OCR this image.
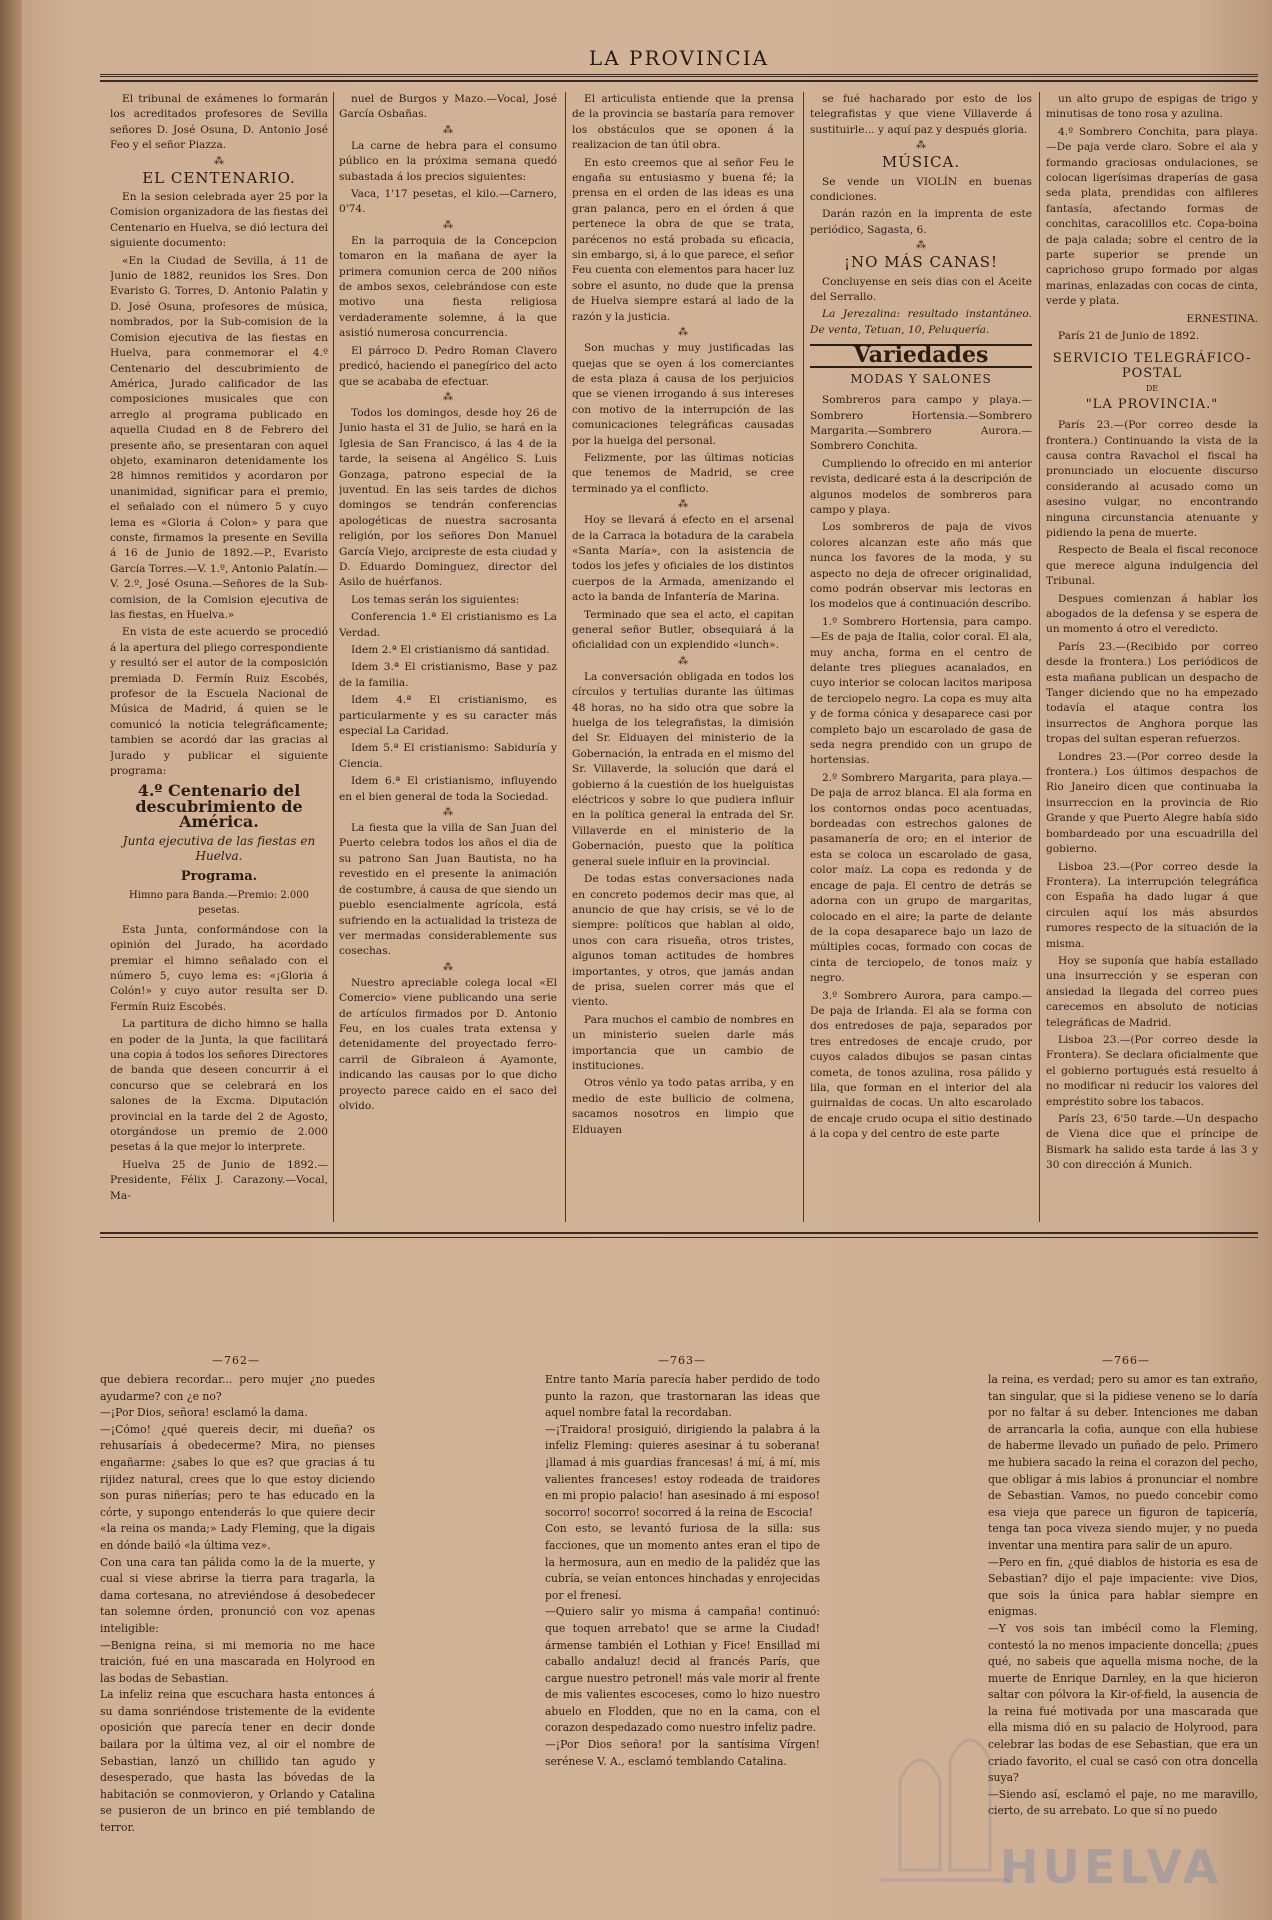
LA PROVINCIA

El tribunal de exámenes lo formarán los acreditados profesores de Sevilla señores D. José Osuna, D. Antonio José Feo y el señor Piazza.

⁂

EL CENTENARIO.

En la sesion celebrada ayer 25 por la Comision organizadora de las fiestas del Centenario en Huelva, se dió lectura del siguiente documento:

«En la Ciudad de Sevilla, á 11 de Junio de 1882, reunidos los Sres. Don Evaristo G. Torres, D. Antonio Palatin y D. José Osuna, profesores de música, nombrados, por la Sub-comision de la Comision ejecutiva de las fiestas en Huelva, para conmemorar el 4.º Centenario del descubrimiento de América, Jurado calificador de las composiciones musicales que con arreglo al programa publicado en aquella Ciudad en 8 de Febrero del presente año, se presentaran con aquel objeto, examinaron detenidamente los 28 himnos remitidos y acordaron por unanimidad, significar para el premio, el señalado con el número 5 y cuyo lema es «Gloria á Colon» y para que conste, firmamos la presente en Sevilla á 16 de Junio de 1892.—P., Evaristo García Torres.—V. 1.º, Antonio Palatín.—V. 2.º, José Osuna.—Señores de la Sub-comision, de la Comision ejecutiva de las fiestas, en Huelva.»

En vista de este acuerdo se procedió á la apertura del pliego correspondiente y resultó ser el autor de la composición premiada D. Fermín Ruiz Escobés, profesor de la Escuela Nacional de Música de Madrid, á quien se le comunicó la noticia telegráficamente; tambien se acordó dar las gracias al Jurado y publicar el siguiente programa:

4.º Centenario del descubrimiento de América.

Junta ejecutiva de las fiestas en Huelva.

Programa.

Himno para Banda.—Premio: 2.000 pesetas.

Esta Junta, conformándose con la opinión del Jurado, ha acordado premiar el himno señalado con el número 5, cuyo lema es: «¡Gloria á Colón!» y cuyo autor resulta ser D. Fermín Ruiz Escobés.

La partitura de dicho himno se halla en poder de la Junta, la que facilitará una copia á todos los señores Directores de banda que deseen concurrir á el concurso que se celebrará en los salones de la Excma. Diputación provincial en la tarde del 2 de Agosto, otorgándose un premio de 2.000 pesetas á la que mejor lo interprete.

Huelva 25 de Junio de 1892.—Presidente, Félix J. Carazony.—Vocal, Ma-

nuel de Burgos y Mazo.—Vocal, José García Osbañas.

⁂

La carne de hebra para el consumo público en la próxima semana quedó subastada á los precios siguientes:

Vaca, 1'17 pesetas, el kilo.—Carnero, 0'74.

⁂

En la parroquia de la Concepcion tomaron en la mañana de ayer la primera comunion cerca de 200 niños de ambos sexos, celebrándose con este motivo una fiesta religiosa verdaderamente solemne, á la que asistió numerosa concurrencia.

El párroco D. Pedro Roman Clavero predicó, haciendo el panegírico del acto que se acababa de efectuar.

⁂

Todos los domingos, desde hoy 26 de Junio hasta el 31 de Julio, se hará en la Iglesia de San Francisco, á las 4 de la tarde, la seisena al Angélico S. Luis Gonzaga, patrono especial de la juventud. En las seis tardes de dichos domingos se tendrán conferencias apologéticas de nuestra sacrosanta religión, por los señores Don Manuel García Viejo, arcipreste de esta ciudad y D. Eduardo Dominguez, director del Asilo de huérfanos.

Los temas serán los siguientes:

Conferencia 1.ª El cristianismo es La Verdad.

Idem 2.ª El cristianismo dá santidad.

Idem 3.ª El cristianismo, Base y paz de la familia.

Idem 4.ª El cristianismo, es particularmente y es su caracter más especial La Caridad.

Idem 5.ª El cristianismo: Sabiduría y Ciencia.

Idem 6.ª El cristianismo, influyendo en el bien general de toda la Sociedad.

⁂

La fiesta que la villa de San Juan del Puerto celebra todos los años el dia de su patrono San Juan Bautista, no ha revestido en el presente la animación de costumbre, á causa de que siendo un pueblo esencialmente agrícola, está sufriendo en la actualidad la tristeza de ver mermadas considerablemente sus cosechas.

⁂

Nuestro apreciable colega local «El Comercio» viene publicando una serie de artículos firmados por D. Antonio Feu, en los cuales trata extensa y detenidamente del proyectado ferro-carril de Gibraleon á Ayamonte, indicando las causas por lo que dicho proyecto parece caido en el saco del olvido.

El articulista entiende que la prensa de la provincia se bastaría para remover los obstáculos que se oponen á la realizacion de tan útil obra.

En esto creemos que al señor Feu le engaña su entusiasmo y buena fé; la prensa en el orden de las ideas es una gran palanca, pero en el órden á que pertenece la obra de que se trata, parécenos no está probada su eficacia, sin embargo, si, á lo que parece, el señor Feu cuenta con elementos para hacer luz sobre el asunto, no dude que la prensa de Huelva siempre estará al lado de la razón y la justicia.

⁂

Son muchas y muy justificadas las quejas que se oyen á los comerciantes de esta plaza á causa de los perjuicios que se vienen irrogando á sus intereses con motivo de la interrupción de las comunicaciones telegráficas causadas por la huelga del personal.

Felizmente, por las últimas noticias que tenemos de Madrid, se cree terminado ya el conflicto.

⁂

Hoy se llevará á efecto en el arsenal de la Carraca la botadura de la carabela «Santa María», con la asistencia de todos los jefes y oficiales de los distintos cuerpos de la Armada, amenizando el acto la banda de Infantería de Marina.

Terminado que sea el acto, el capitan general señor Butler, obsequiará á la oficialidad con un explendido «lunch».

⁂

La conversación obligada en todos los círculos y tertulias durante las últimas 48 horas, no ha sido otra que sobre la huelga de los telegrafistas, la dimisión del Sr. Elduayen del ministerio de la Gobernación, la entrada en el mismo del Sr. Villaverde, la solución que dará el gobierno á la cuestión de los huelguistas eléctricos y sobre lo que pudiera influir en la política general la entrada del Sr. Villaverde en el ministerio de la Gobernación, puesto que la política general suele influir en la provincial.

De todas estas conversaciones nada en concreto podemos decir mas que, al anuncio de que hay crisis, se vé lo de siempre: políticos que hablan al oido, unos con cara risueña, otros tristes, algunos toman actitudes de hombres importantes, y otros, que jamás andan de prisa, suelen correr más que el viento.

Para muchos el cambio de nombres en un ministerio suelen darle más importancia que un cambio de instituciones.

Otros vénlo ya todo patas arriba, y en medio de este bullicio de colmena, sacamos nosotros en limpio que Elduayen

se fué hacharado por esto de los telegrafistas y que viene Villaverde á sustituirle... y aquí paz y después gloria.

⁂

MÚSICA.

Se vende un VIOLÍN en buenas condiciones.

Darán razón en la imprenta de este periódico, Sagasta, 6.

⁂

¡NO MÁS CANAS!

Concluyense en seis dias con el Aceite del Serrallo.

La Jerezalina: resultado instantáneo. De venta, Tetuan, 10, Peluquería.

Variedades
MODAS Y SALONES

Sombreros para campo y playa.—Sombrero Hortensia.—Sombrero Margarita.—Sombrero Aurora.—Sombrero Conchita.

Cumpliendo lo ofrecido en mi anterior revista, dedicaré esta á la descripción de algunos modelos de sombreros para campo y playa.

Los sombreros de paja de vivos colores alcanzan este año más que nunca los favores de la moda, y su aspecto no deja de ofrecer originalidad, como podrán observar mis lectoras en los modelos que á continuación describo.

1.º Sombrero Hortensia, para campo.—Es de paja de Italia, color coral. El ala, muy ancha, forma en el centro de delante tres pliegues acanalados, en cuyo interior se colocan lacitos mariposa de terciopelo negro. La copa es muy alta y de forma cónica y desaparece casi por completo bajo un escarolado de gasa de seda negra prendido con un grupo de hortensias.

2.º Sombrero Margarita, para playa.—De paja de arroz blanca. El ala forma en los contornos ondas poco acentuadas, bordeadas con estrechos galones de pasamanería de oro; en el interior de esta se coloca un escarolado de gasa, color maíz. La copa es redonda y de encage de paja. El centro de detrás se adorna con un grupo de margaritas, colocado en el aire; la parte de delante de la copa desaparece bajo un lazo de múltiples cocas, formado con cocas de cinta de terciopelo, de tonos maíz y negro.

3.º Sombrero Aurora, para campo.—De paja de Irlanda. El ala se forma con dos entredoses de paja, separados por tres entredoses de encaje crudo, por cuyos calados dibujos se pasan cintas cometa, de tonos azulina, rosa pálido y lila, que forman en el interior del ala guirnaldas de cocas. Un alto escarolado de encaje crudo ocupa el sitio destinado á la copa y del centro de este parte

un alto grupo de espigas de trigo y minutisas de tono rosa y azulina.

4.º Sombrero Conchita, para playa.—De paja verde claro. Sobre el ala y formando graciosas ondulaciones, se colocan ligerísimas draperías de gasa seda plata, prendidas con alfileres fantasía, afectando formas de conchitas, caracolillos etc. Copa-boina de paja calada; sobre el centro de la parte superior se prende un caprichoso grupo formado por algas marinas, enlazadas con cocas de cinta, verde y plata.

ERNESTINA.

París 21 de Junio de 1892.

SERVICIO TELEGRÁFICO-POSTAL
DE
"LA PROVINCIA."

París 23.—(Por correo desde la frontera.) Continuando la vista de la causa contra Ravachol el fiscal ha pronunciado un elocuente discurso considerando al acusado como un asesino vulgar, no encontrando ninguna circunstancia atenuante y pidiendo la pena de muerte.

Respecto de Beala el fiscal reconoce que merece alguna indulgencia del Tribunal.

Despues comienzan á hablar los abogados de la defensa y se espera de un momento á otro el veredicto.

París 23.—(Recibido por correo desde la frontera.) Los periódicos de esta mañana publican un despacho de Tanger diciendo que no ha empezado todavía el ataque contra los insurrectos de Anghora porque las tropas del sultan esperan refuerzos.

Londres 23.—(Por correo desde la frontera.) Los últimos despachos de Rio Janeiro dicen que continuaba la insurreccion en la provincia de Rio Grande y que Puerto Alegre había sido bombardeado por una escuadrilla del gobierno.

Lisboa 23.—(Por correo desde la Frontera). La interrupción telegráfica con España ha dado lugar á que circulen aquí los más absurdos rumores respecto de la situación de la misma.

Hoy se suponía que había estallado una insurrección y se esperan con ansiedad la llegada del correo pues carecemos en absoluto de noticias telegráficas de Madrid.

Lisboa 23.—(Por correo desde la Frontera). Se declara oficialmente que el gobierno portugués está resuelto á no modificar ni reducir los valores del empréstito sobre los tabacos.

París 23, 6'50 tarde.—Un despacho de Viena dice que el príncipe de Bismark ha salido esta tarde á las 3 y 30 con dirección á Munich.

—762—	—763—	—766—
que debiera recordar... pero mujer ¿no puedes ayudarme? con ¿e no?
—¡Por Dios, señora! esclamó la dama.
—¡Cómo! ¿qué quereis decir, mi dueña? os rehusaríais á obedecerme? Mira, no pienses engañarme: ¿sabes lo que es? que gracias á tu rijidez natural, crees que lo que estoy diciendo son puras niñerías; pero te has educado en la córte, y supongo entenderás lo que quiere decir «la reina os manda;» Lady Fleming, que la digais en dónde bailó «la última vez».
Con una cara tan pálida como la de la muerte, y cual si viese abrirse la tierra para tragarla, la dama cortesana, no atreviéndose á desobedecer tan solemne órden, pronunció con voz apenas inteligible:
—Benigna reina, si mi memoria no me hace traición, fué en una mascarada en Holyrood en las bodas de Sebastian.
La infeliz reina que escuchara hasta entonces á su dama sonriéndose tristemente de la evidente oposición que parecía tener en decir donde bailara por la última vez, al oir el nombre de Sebastian, lanzó un chillido tan agudo y desesperado, que hasta las bóvedas de la habitación se conmovieron, y Orlando y Catalina se pusieron de un brinco en pié temblando de terror.
Entre tanto María parecía haber perdido de todo punto la razon, que trastornaran las ideas que aquel nombre fatal la recordaban.
—¡Traidora! prosiguió, dirigiendo la palabra á la infeliz Fleming: quieres asesinar á tu soberana! ¡llamad á mis guardias francesas! á mí, á mí, mis valientes franceses! estoy rodeada de traidores en mi propio palacio! han asesinado á mi esposo! socorro! socorro! socorred á la reina de Escocia!
Con esto, se levantó furiosa de la silla: sus facciones, que un momento antes eran el tipo de la hermosura, aun en medio de la palidéz que las cubría, se veían entonces hinchadas y enrojecidas por el frenesí.
—Quiero salir yo misma á campaña! continuó: que toquen arrebato! que se arme la Ciudad! ármense también el Lothian y Fice! Ensillad mi caballo andaluz! decid al francés París, que cargue nuestro petronel! más vale morir al frente de mis valientes escoceses, como lo hizo nuestro abuelo en Flodden, que no en la cama, con el corazon despedazado como nuestro infeliz padre.
—¡Por Dios señora! por la santísima Vírgen! serénese V. A., esclamó temblando Catalina.
la reina, es verdad; pero su amor es tan extraño, tan singular, que si la pidiese veneno se lo daría por no faltar á su deber. Intenciones me daban de arrancarla la cofia, aunque con ella hubiese de haberme llevado un puñado de pelo. Primero me hubiera sacado la reina el corazon del pecho, que obligar á mis labios á pronunciar el nombre de Sebastian. Vamos, no puedo concebir como esa vieja que parece un figuron de tapicería, tenga tan poca viveza siendo mujer, y no pueda inventar una mentira para salir de un apuro.
—Pero en fin, ¿qué diablos de historia es esa de Sebastian? dijo el paje impaciente: vive Dios, que sois la única para hablar siempre en enigmas.
—Y vos sois tan imbécil como la Fleming, contestó la no menos impaciente doncella; ¿pues qué, no sabeis que aquella misma noche, de la muerte de Enrique Darnley, en la que hicieron saltar con pólvora la Kir-of-field, la ausencia de la reina fué motivada por una mascarada que ella misma dió en su palacio de Holyrood, para celebrar las bodas de ese Sebastian, que era un criado favorito, el cual se casó con otra doncella suya?
—Siendo así, esclamó el paje, no me maravillo, cierto, de su arrebato. Lo que sí no puedo
HUELVA
